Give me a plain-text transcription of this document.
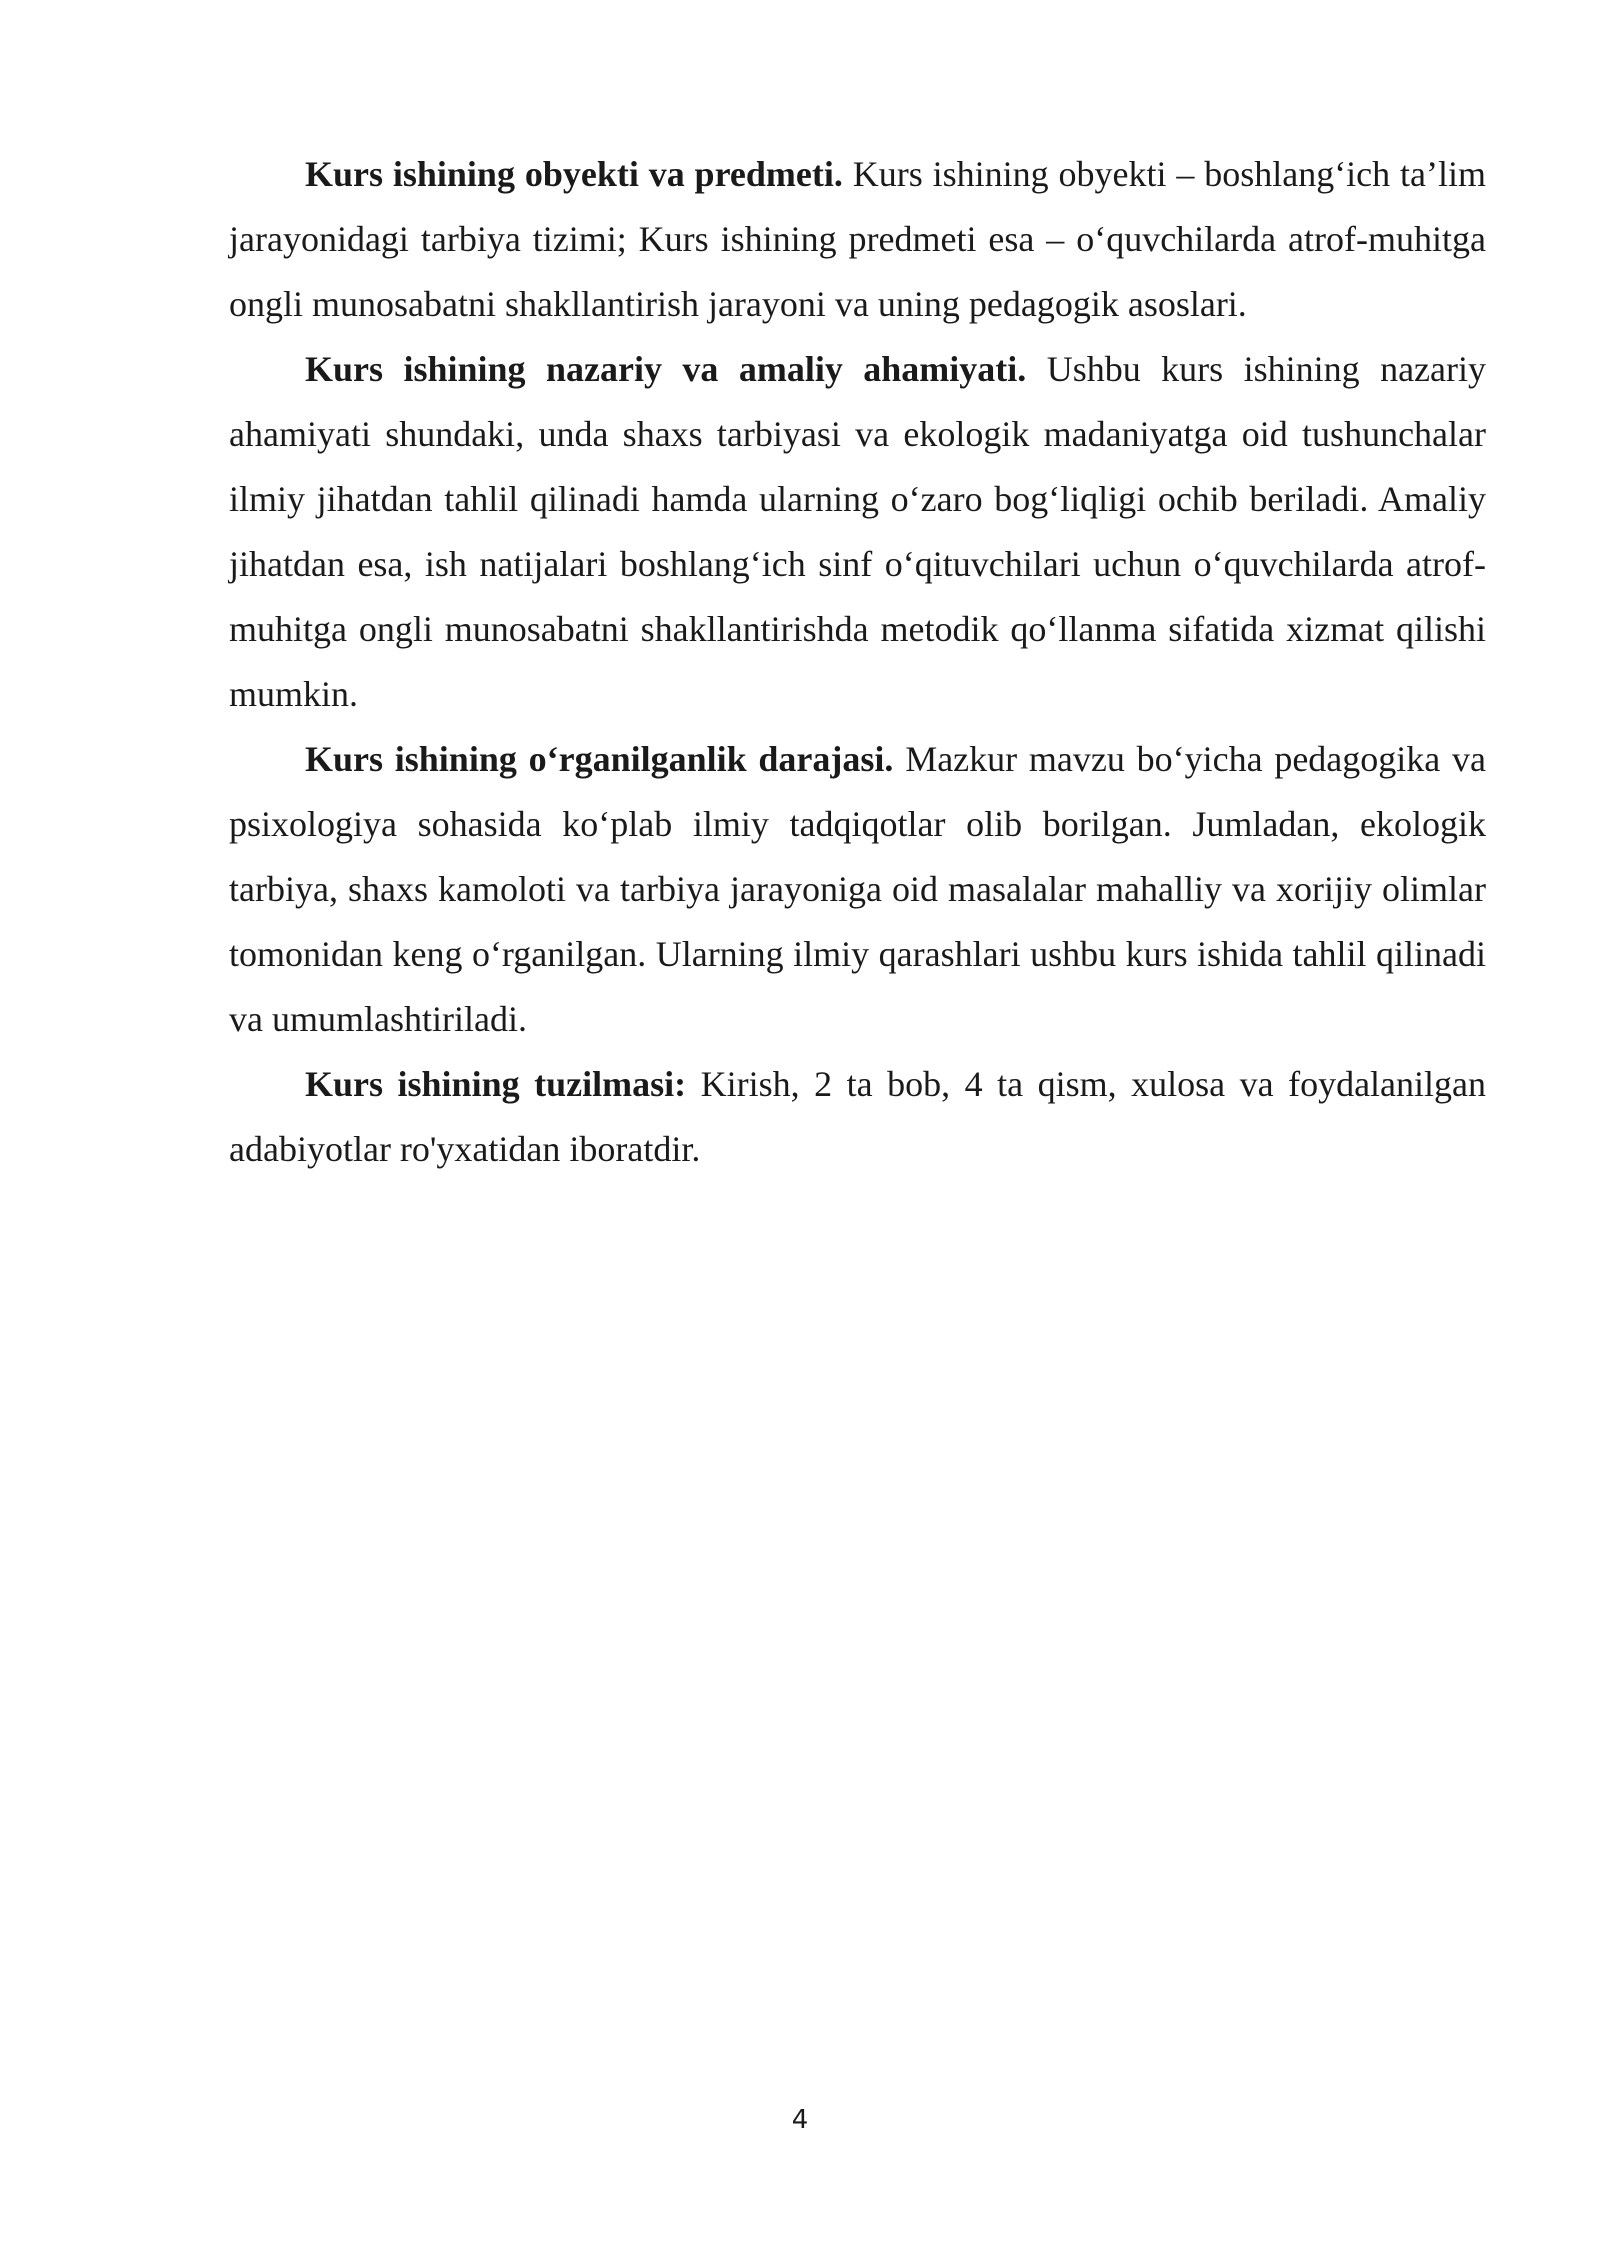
Kurs ishining obyekti va predmeti. Kurs ishining obyekti – boshlang‘ich ta’lim jarayonidagi tarbiya tizimi; Kurs ishining predmeti esa – o‘quvchilarda atrof-muhitga ongli munosabatni shakllantirish jarayoni va uning pedagogik asoslari.

Kurs ishining nazariy va amaliy ahamiyati. Ushbu kurs ishining nazariy ahamiyati shundaki, unda shaxs tarbiyasi va ekologik madaniyatga oid tushunchalar ilmiy jihatdan tahlil qilinadi hamda ularning o‘zaro bog‘liqligi ochib beriladi. Amaliy jihatdan esa, ish natijalari boshlang‘ich sinf o‘qituvchilari uchun o‘quvchilarda atrof-muhitga ongli munosabatni shakllantirishda metodik qo‘llanma sifatida xizmat qilishi mumkin.

Kurs ishining o‘rganilganlik darajasi. Mazkur mavzu bo‘yicha pedagogika va psixologiya sohasida ko‘plab ilmiy tadqiqotlar olib borilgan. Jumladan, ekologik tarbiya, shaxs kamoloti va tarbiya jarayoniga oid masalalar mahalliy va xorijiy olimlar tomonidan keng o‘rganilgan. Ularning ilmiy qarashlari ushbu kurs ishida tahlil qilinadi va umumlashtiriladi.

Kurs ishining tuzilmasi: Kirish, 2 ta bob, 4 ta qism, xulosa va foydalanilgan adabiyotlar ro'yxatidan iboratdir.

4
